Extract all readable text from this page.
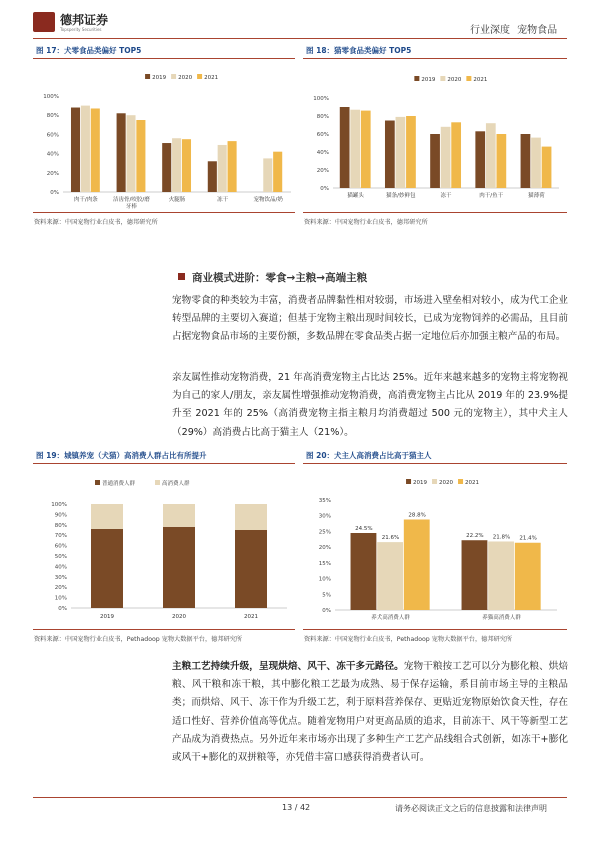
德邦证券
Topsperity Securities	行业深度 宠物食品
图 17：犬零食品类偏好 TOP5
0%
20%
40%
60%
80%
100%
2019 2020 2021
肉干/肉条	洁齿骨/咬胶/磨
牙棒
火腿肠	冻干	宠物饮品/奶
资料来源：中国宠物行业白皮书，德邦研究所
图 18：猫零食品类偏好 TOP5
0%
20%
40%
60%
80%
100%
2019 2020 2021
猫罐头	猫条/妙鲜包	冻干	肉干/鱼干	猫薄荷
资料来源：中国宠物行业白皮书，德邦研究所
商业模式进阶：零食→主粮→高端主粮
宠物零食的种类较为丰富，消费者品牌黏性相对较弱，市场进入壁垒相对较小，成为代工企业转型品牌的主要切入赛道；但基于宠物主粮出现时间较长，已成为宠物饲养的必需品，且目前占据宠物食品市场的主要份额，多数品牌在零食品类占据一定地位后亦加强主粮产品的布局。
亲友属性推动宠物消费，21 年高消费宠物主占比达 25%。近年来越来越多的宠物主将宠物视为自己的家人/朋友，亲友属性增强推动宠物消费，高消费宠物主占比从 2019 年的 23.9%提升至 2021 年的 25%（高消费宠物主指主粮月均消费超过 500 元的宠物主），其中犬主人（29%）高消费占比高于猫主人（21%）。
图 19：城镇养宠（犬猫）高消费人群占比有所提升
0%
10%
20%
30%
40%
50%
60%
70%
80%
90%
100%
普通消费人群	高消费人群
2019	2020	2021
资料来源：中国宠物行业白皮书，Pethadoop 宠物大数据平台，德邦研究所
图 20：犬主人高消费占比高于猫主人
0%
5%
10%
15%
20%
25%
30%
35%
2019 2020 2021
24.5%
21.6%
28.8%
养犬高消费人群
22.2% 21.8% 21.4%
养猫高消费人群
资料来源：中国宠物行业白皮书，Pethadoop 宠物大数据平台，德邦研究所
主粮工艺持续升级，呈现烘焙、风干、冻干多元路径。宠物干粮按工艺可以分为膨化粮、烘焙粮、风干粮和冻干粮，其中膨化粮工艺最为成熟、易于保存运输，系目前市场主导的主粮品类；而烘焙、风干、冻干作为升级工艺，利于原料营养保存、更贴近宠物原始饮食天性，存在适口性好、营养价值高等优点。随着宠物用户对更高品质的追求，目前冻干、风干等新型工艺产品成为消费热点。另外近年来市场亦出现了多种生产工艺产品线组合式创新，如冻干+膨化或风干+膨化的双拼粮等，亦凭借丰富口感获得消费者认可。
13 / 42	请务必阅读正文之后的信息披露和法律声明
